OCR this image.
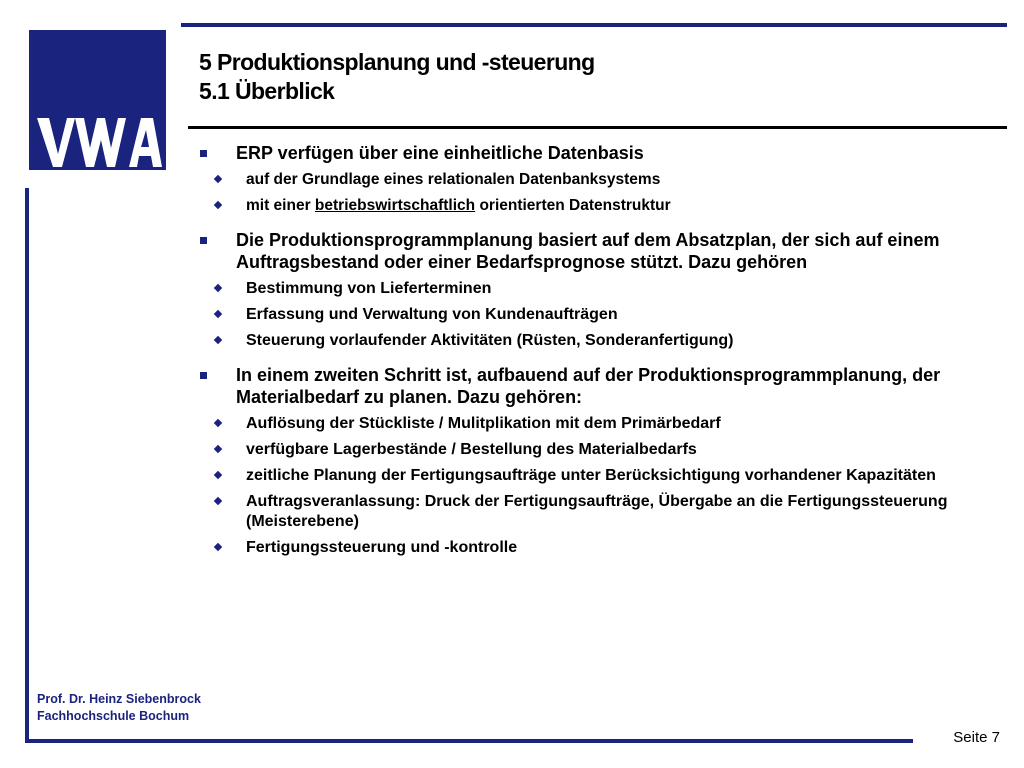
VWA
5 Produktionsplanung und -steuerung
5.1 Überblick
ERP verfügen über eine einheitliche Datenbasis
auf der Grundlage eines relationalen Datenbanksystems
mit einer betriebswirtschaftlich orientierten Datenstruktur
Die Produktionsprogrammplanung basiert auf dem Absatzplan, der sich auf einem Auftragsbestand oder einer Bedarfsprognose stützt. Dazu gehören
Bestimmung von Lieferterminen
Erfassung und Verwaltung von Kundenaufträgen
Steuerung vorlaufender Aktivitäten (Rüsten, Sonderanfertigung)
In einem zweiten Schritt ist, aufbauend auf der Produktionsprogrammplanung, der Materialbedarf zu planen. Dazu gehören:
Auflösung der Stückliste / Mulitplikation mit dem Primärbedarf
verfügbare Lagerbestände / Bestellung des Materialbedarfs
zeitliche Planung der Fertigungsaufträge unter Berücksichtigung vorhandener Kapazitäten
Auftragsveranlassung: Druck der Fertigungsaufträge, Übergabe an die Fertigungssteuerung (Meisterebene)
Fertigungssteuerung und -kontrolle
Prof. Dr. Heinz Siebenbrock
Fachhochschule Bochum
Seite 7
